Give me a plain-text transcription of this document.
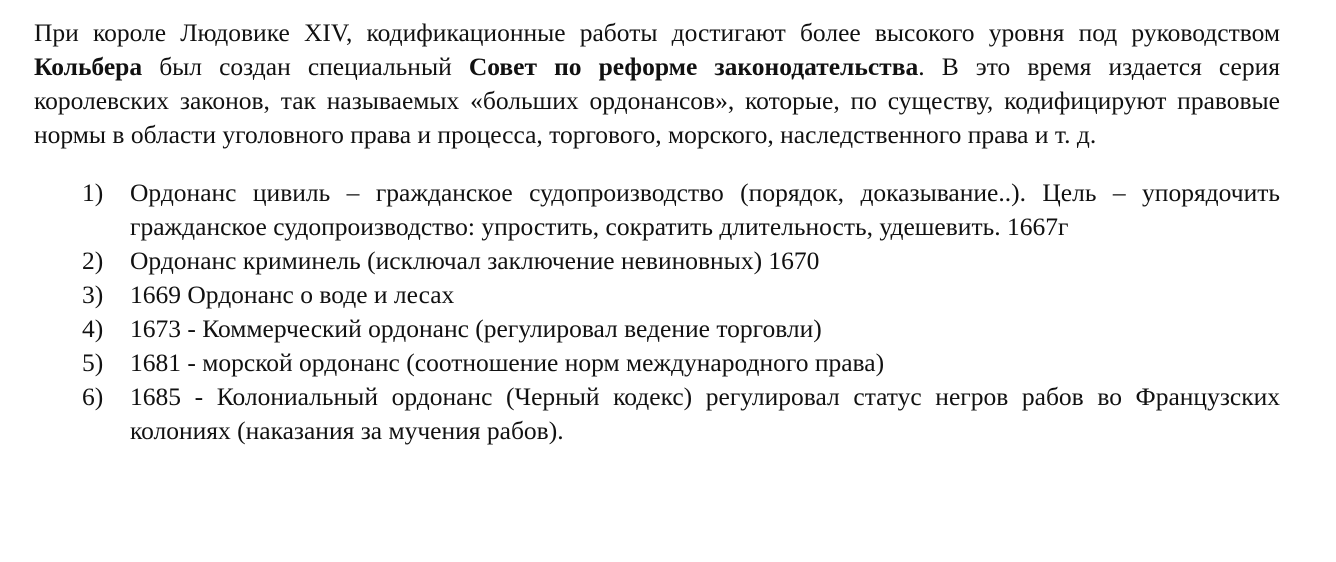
При короле Людовике XIV, кодификационные работы достигают более высокого уровня под руководством Кольбера был создан специальный Совет по реформе законодательства. В это время издается серия королевских законов, так называемых «больших ордонансов», которые, по существу, кодифицируют правовые нормы в области уголовного права и процесса, торгового, морского, наследственного права и т. д.

1) Ордонанс цивиль – гражданское судопроизводство (порядок, доказывание..). Цель – упорядочить гражданское судопроизводство: упростить, сократить длительность, удешевить. 1667г
2) Ордонанс криминель (исключал заключение невиновных) 1670
3) 1669 Ордонанс о воде и лесах
4) 1673 - Коммерческий ордонанс (регулировал ведение торговли)
5) 1681 - морской ордонанс (соотношение норм международного права)
6) 1685 - Колониальный ордонанс (Черный кодекс) регулировал статус негров рабов во Французских колониях (наказания за мучения рабов).
